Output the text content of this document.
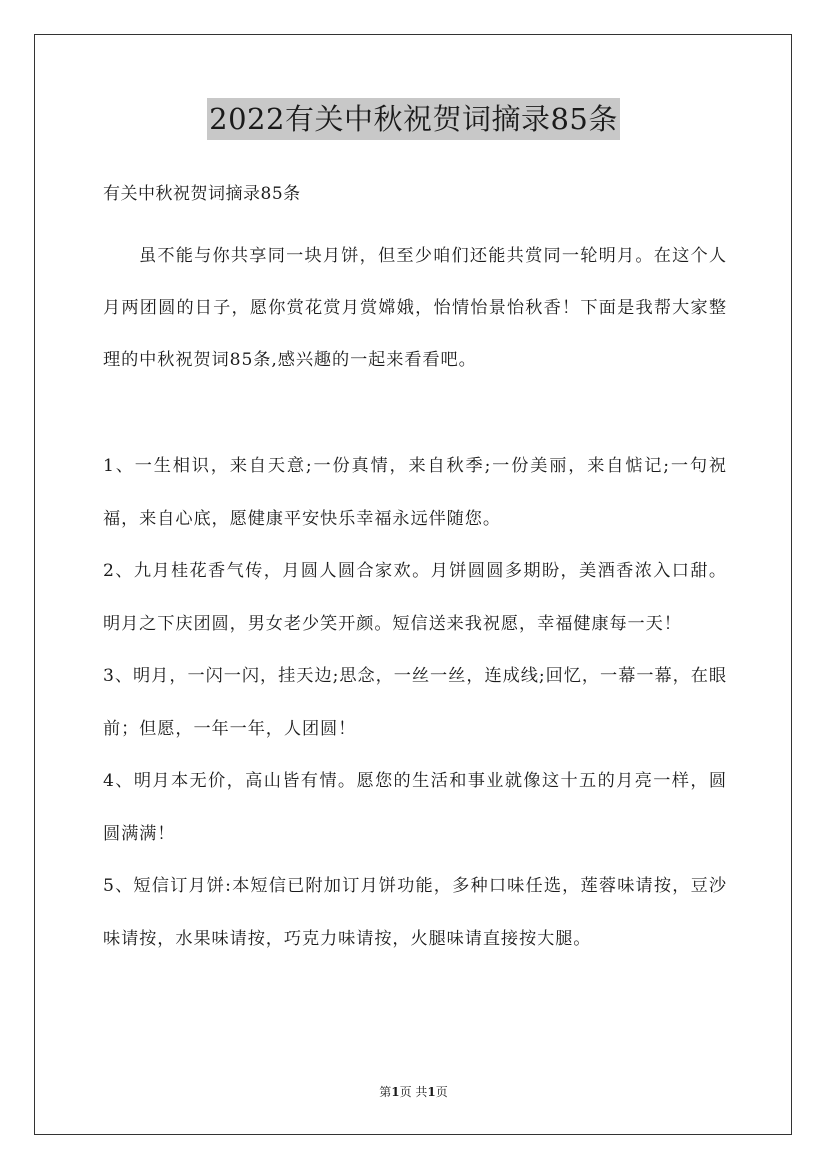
2022有关中秋祝贺词摘录85条
有关中秋祝贺词摘录85条

虽不能与你共享同一块月饼，但至少咱们还能共赏同一轮明月。在这个人月两团圆的日子，愿你赏花赏月赏嫦娥，怡情怡景怡秋香！下面是我帮大家整理的中秋祝贺词85条,感兴趣的一起来看看吧。

1、一生相识，来自天意;一份真情，来自秋季;一份美丽，来自惦记;一句祝福，来自心底，愿健康平安快乐幸福永远伴随您。

2、九月桂花香气传，月圆人圆合家欢。月饼圆圆多期盼，美酒香浓入口甜。明月之下庆团圆，男女老少笑开颜。短信送来我祝愿，幸福健康每一天！

3、明月，一闪一闪，挂天边;思念，一丝一丝，连成线;回忆，一幕一幕，在眼前；但愿，一年一年，人团圆！

4、明月本无价，高山皆有情。愿您的生活和事业就像这十五的月亮一样，圆圆满满！

5、短信订月饼:本短信已附加订月饼功能，多种口味任选，莲蓉味请按，豆沙味请按，水果味请按，巧克力味请按，火腿味请直接按大腿。

第1页 共1页
